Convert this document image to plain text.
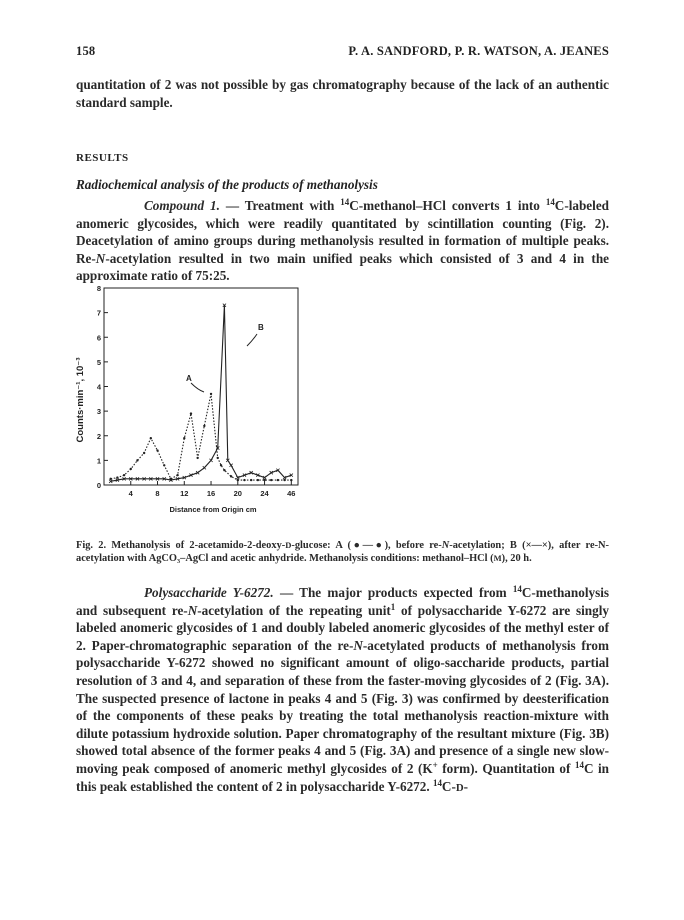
158	P. A. SANDFORD, P. R. WATSON, A. JEANES
quantitation of 2 was not possible by gas chromatography because of the lack of an authentic standard sample.
RESULTS
Radiochemical analysis of the products of methanolysis
Compound 1. — Treatment with $^{14}$C-methanol–HCl converts 1 into $^{14}$C-labeled anomeric glycosides, which were readily quantitated by scintillation counting (Fig. 2). Deacetylation of amino groups during methanolysis resulted in formation of multiple peaks. Re-N-acetylation resulted in two main unified peaks which consisted of 3 and 4 in the approximate ratio of 75:25.
0
1
2
3
4
5
6
7
8
4	8	12 16 20 24 46
Counts·min⁻¹, 10⁻³
Distance from Origin cm
A
B
Fig. 2. Methanolysis of 2-acetamido-2-deoxy-D-glucose: A (●—●), before re-N-acetylation; B (×—×), after re-N-acetylation with AgCO₃–AgCl and acetic anhydride. Methanolysis conditions: methanol–HCl (M), 20 h.
Polysaccharide Y-6272. — The major products expected from $^{14}$C-methanolysis and subsequent re-N-acetylation of the repeating unit$^1$ of polysaccharide Y-6272 are singly labeled anomeric glycosides of 1 and doubly labeled anomeric glycosides of the methyl ester of 2. Paper-chromatographic separation of the re-N-acetylated products of methanolysis from polysaccharide Y-6272 showed no significant amount of oligo-saccharide products, partial resolution of 3 and 4, and separation of these from the faster-moving glycosides of 2 (Fig. 3A). The suspected presence of lactone in peaks 4 and 5 (Fig. 3) was confirmed by deesterification of the components of these peaks by treating the total methanolysis reaction-mixture with dilute potassium hydroxide solution. Paper chromatography of the resultant mixture (Fig. 3B) showed total absence of the former peaks 4 and 5 (Fig. 3A) and presence of a single new slow-moving peak composed of anomeric methyl glycosides of 2 (K+ form). Quantitation of $^{14}$C in this peak established the content of 2 in polysaccharide Y-6272. $^{14}$C-D-
